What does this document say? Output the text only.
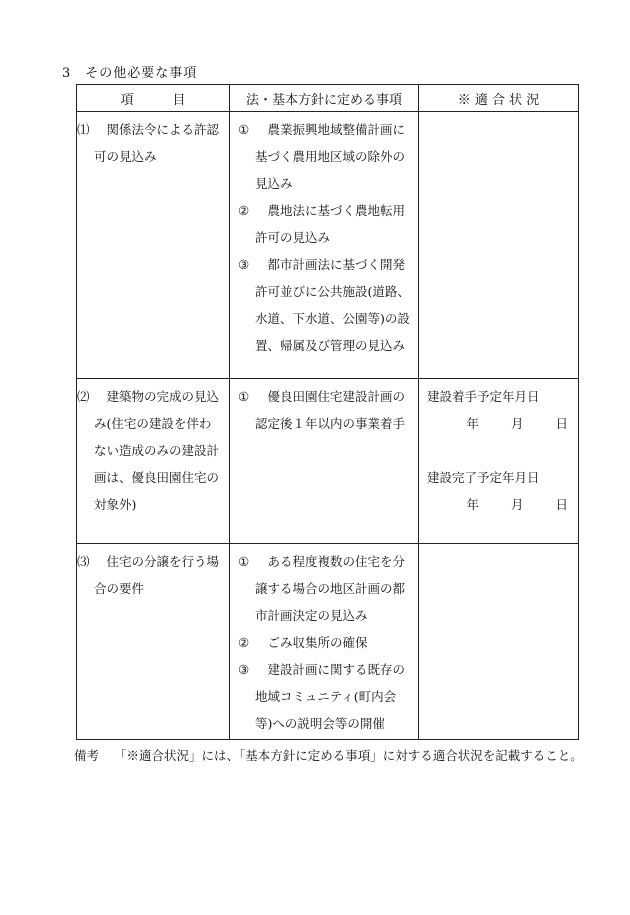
3　その他必要な事項
項　　　目	法・基本方針に定める事項	※ 適 合 状 況

⑴　 関係法令による許認可の見込み	①　 農業振興地域整備計画に基づく農用地区域の除外の見込み
②　 農地法に基づく農地転用許可の見込み
③　 都市計画法に基づく開発許可並びに公共施設(道路、水道、下水道、公園等)の設置、帰属及び管理の見込み	

⑵　 建築物の完成の見込み(住宅の建設を伴わない造成のみの建設計画は、優良田園住宅の対象外)	①　 優良田園住宅建設計画の認定後１年以内の事業着手	建設着手予定年月日
年 月 日
建設完了予定年月日
年 月 日

⑶　 住宅の分譲を行う場合の要件	①　 ある程度複数の住宅を分譲する場合の地区計画の都市計画決定の見込み
②　 ごみ収集所の確保
③　 建設計画に関する既存の地域コミュニティ(町内会等)への説明会等の開催	

備考 「※適合状況」には、「基本方針に定める事項」に対する適合状況を記載すること。
